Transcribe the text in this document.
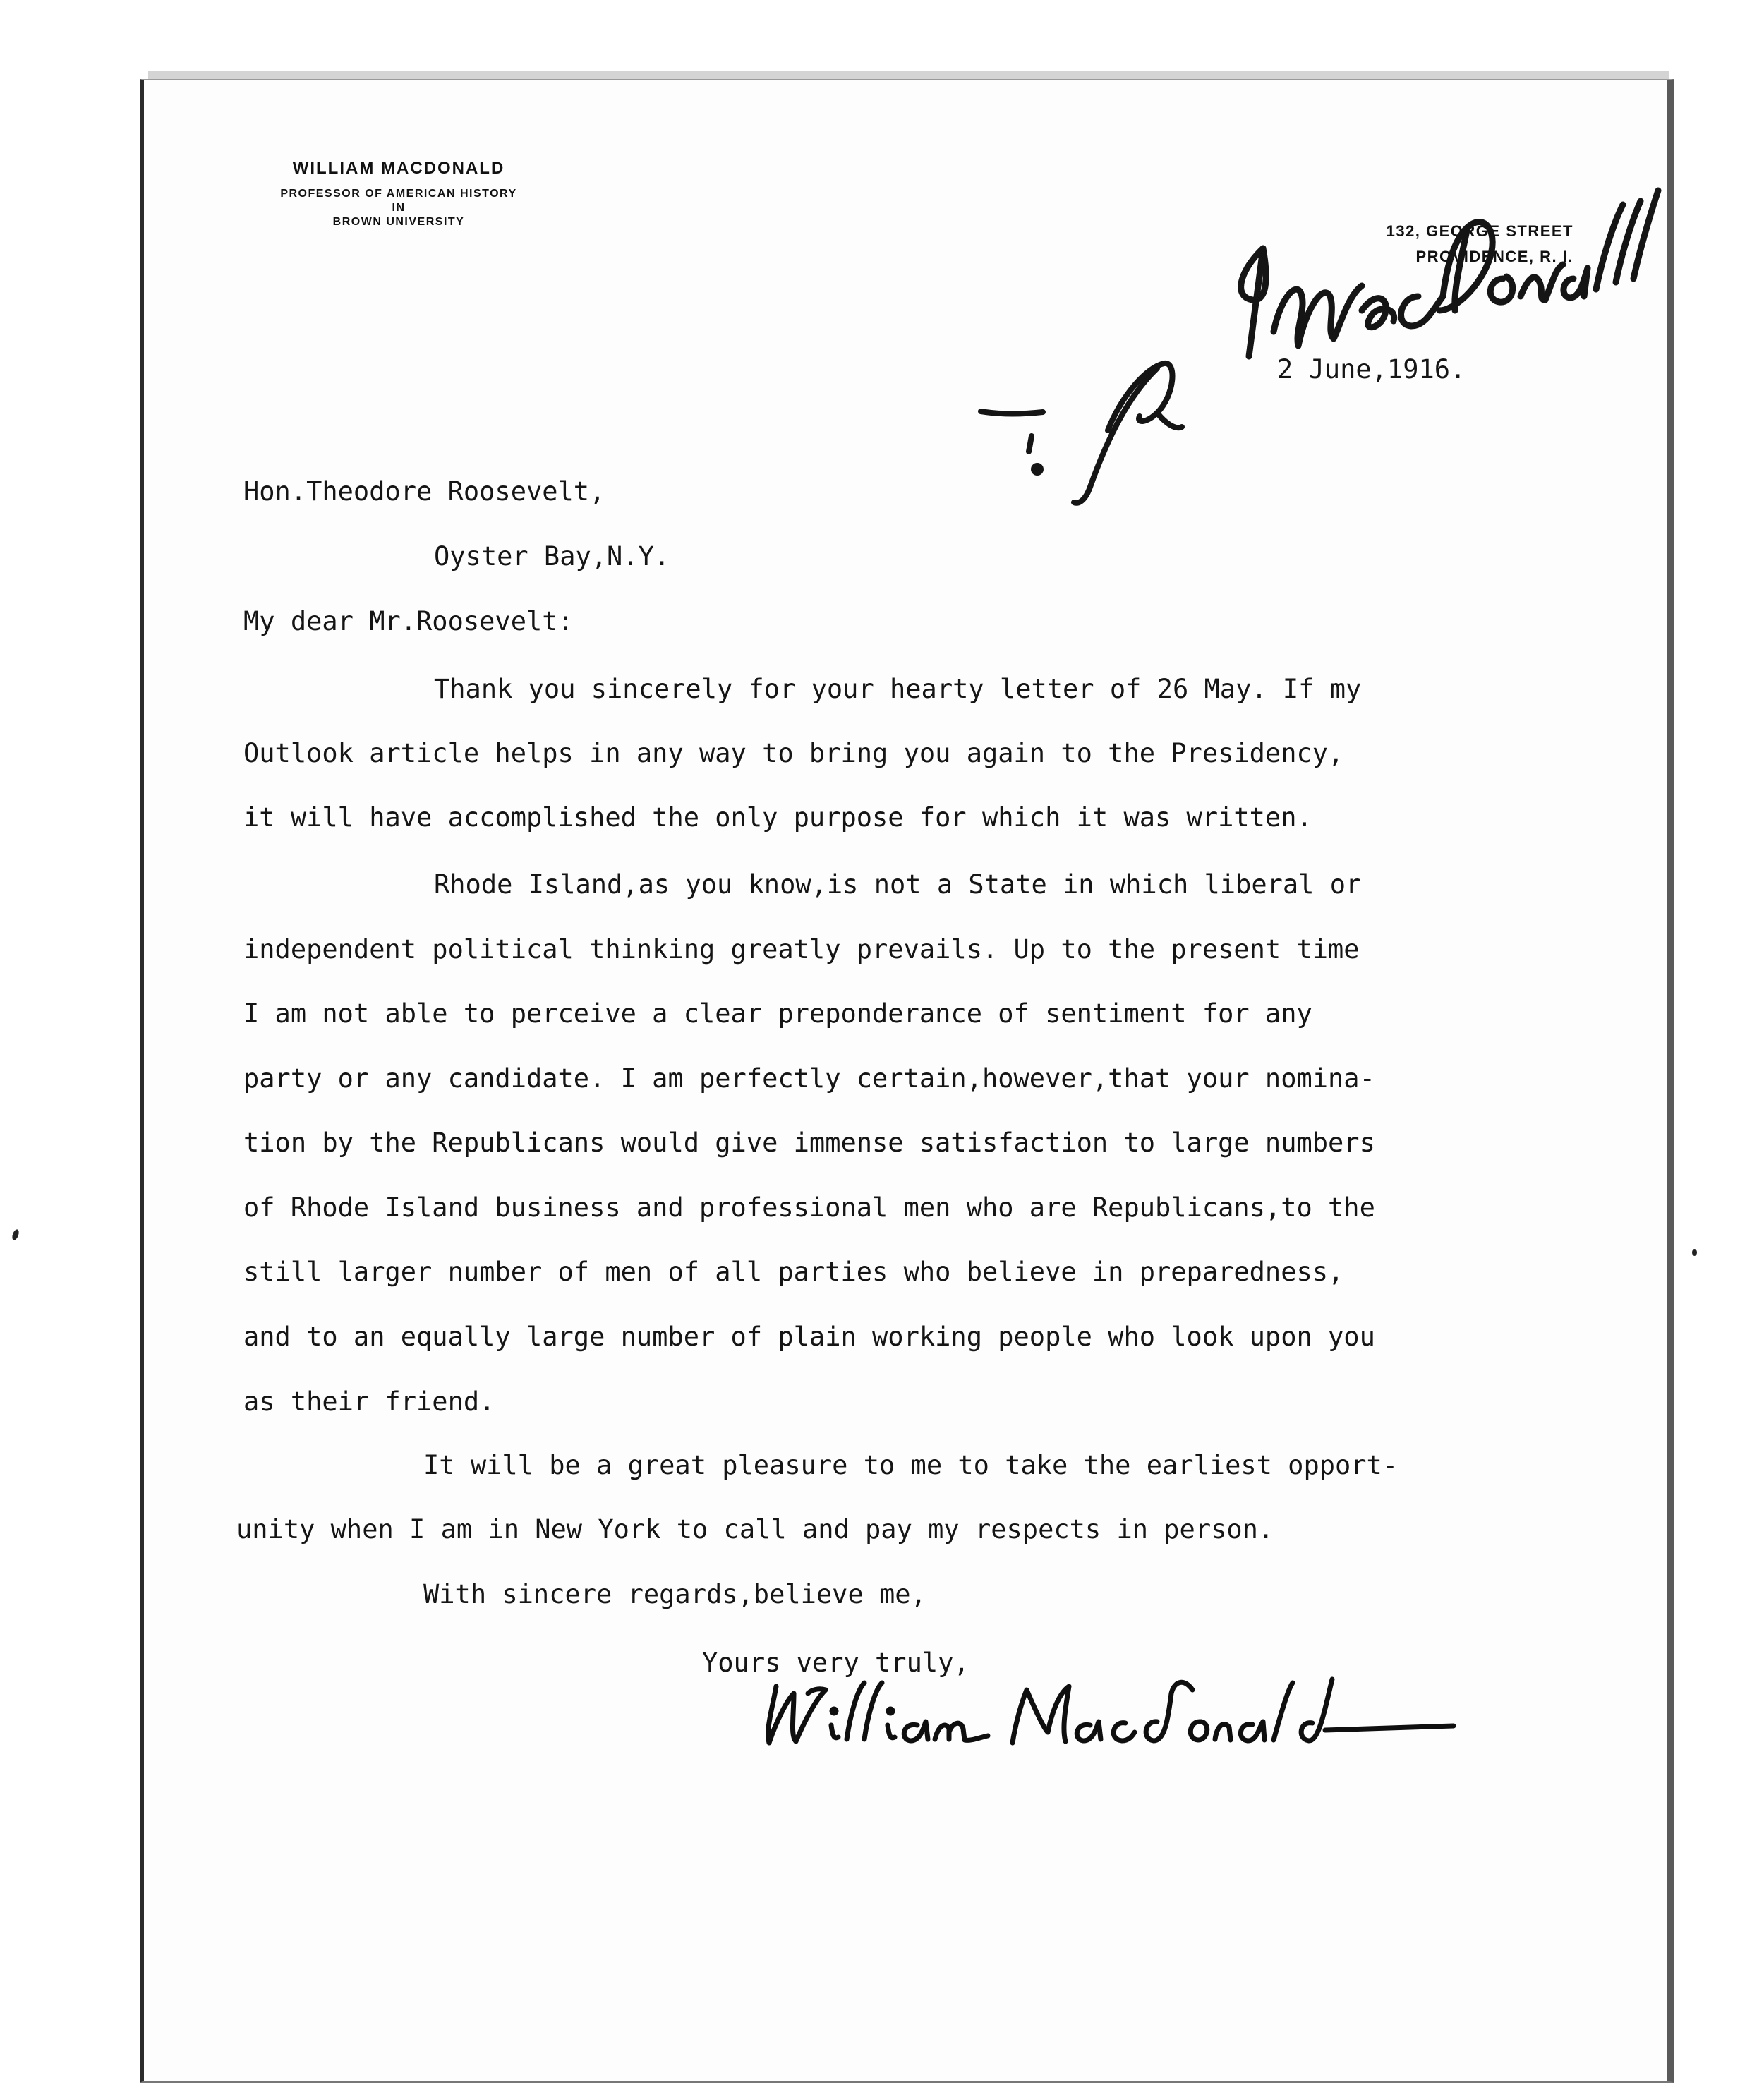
WILLIAM MACDONALD
PROFESSOR OF AMERICAN HISTORY
IN
BROWN UNIVERSITY
132, GEORGE STREET
PROVIDENCE, R. I.
2 June,1916.
Hon.Theodore Roosevelt,
Oyster Bay,N.Y.
My dear Mr.Roosevelt:
Thank you sincerely for your hearty letter of 26 May. If my
Outlook article helps in any way to bring you again to the Presidency,
it will have accomplished the only purpose for which it was written.
Rhode Island,as you know,is not a State in which liberal or
independent political thinking greatly prevails. Up to the present time
I am not able to perceive a clear preponderance of sentiment for any
party or any candidate. I am perfectly certain,however,that your nomina-
tion by the Republicans would give immense satisfaction to large numbers
of Rhode Island business and professional men who are Republicans,to the
still larger number of men of all parties who believe in preparedness,
and to an equally large number of plain working people who look upon you
as their friend.
It will be a great pleasure to me to take the earliest opport-
unity when I am in New York to call and pay my respects in person.
With sincere regards,believe me,
Yours very truly,
